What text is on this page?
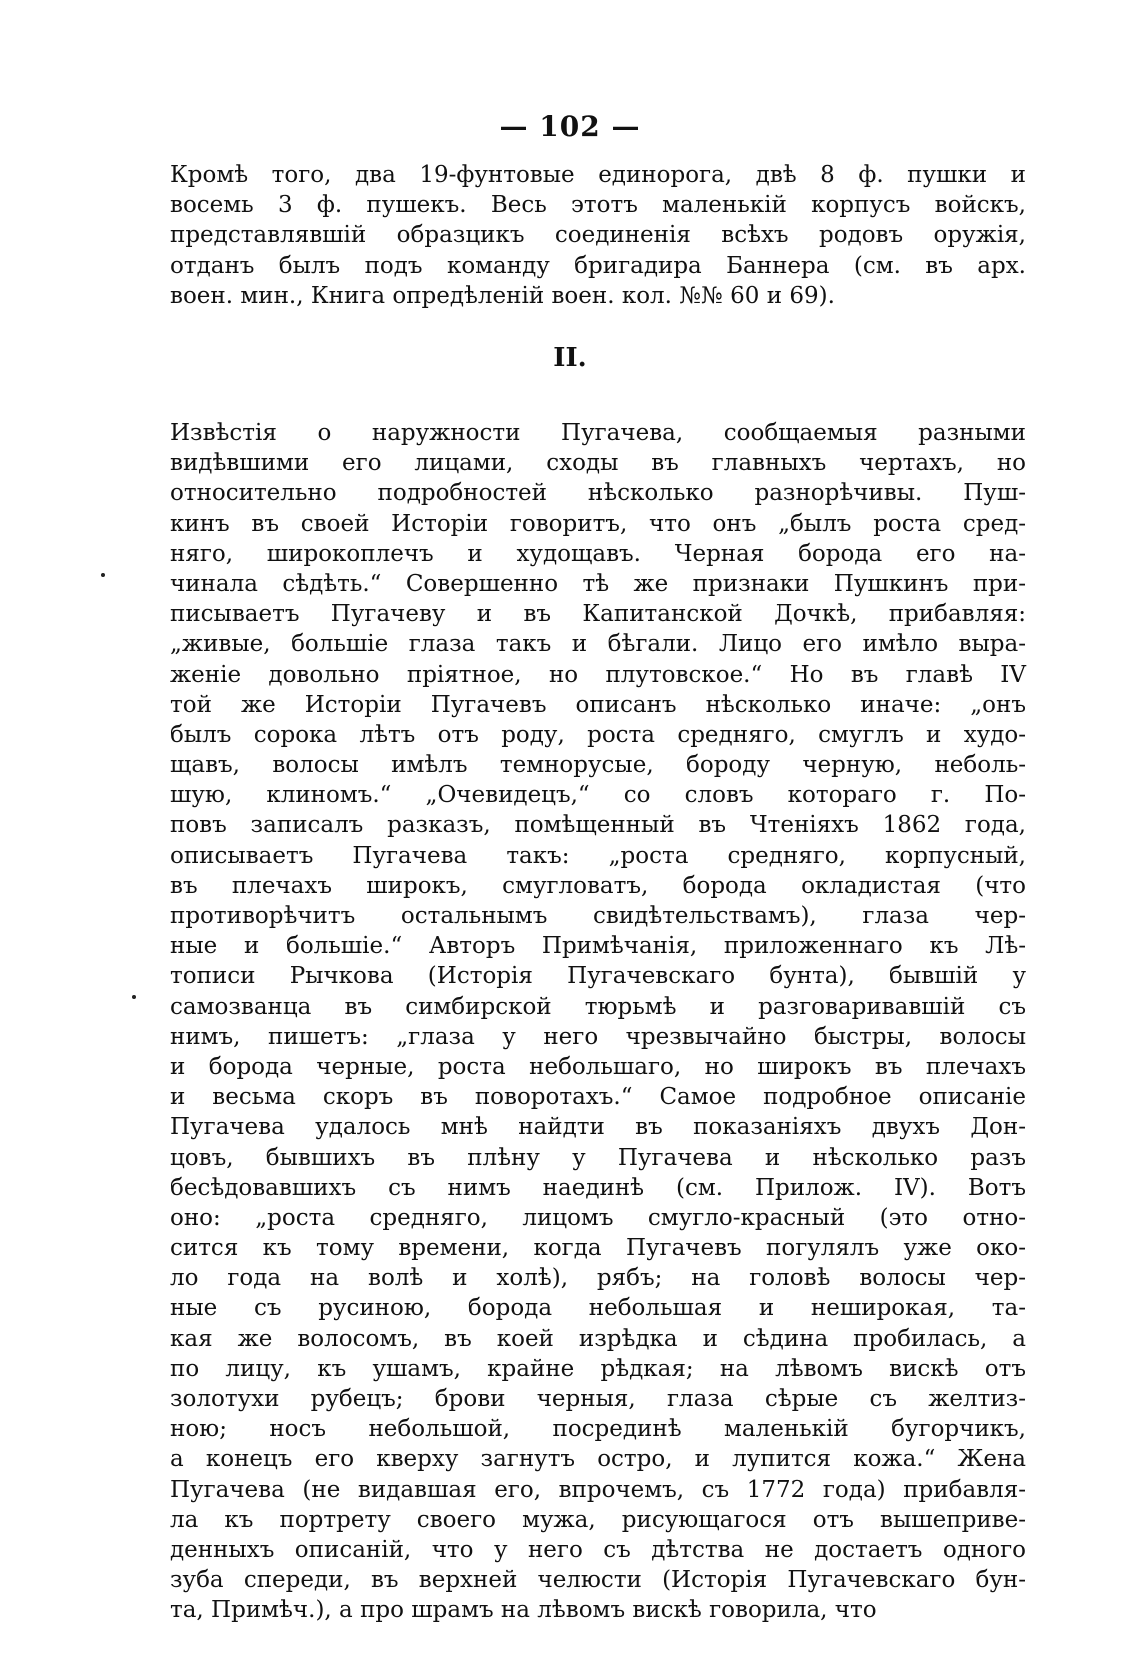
— 102 —
Кромѣ того, два 19-фунтовые единорога, двѣ 8 ф. пушки и
восемь 3 ф. пушекъ. Весь этотъ маленькій корпусъ войскъ,
представлявшій образцикъ соединенія всѣхъ родовъ оружія,
отданъ былъ подъ команду бригадира Баннера (см. въ арх.
воен. мин., Книга опредѣленій воен. кол. №№ 60 и 69).
II.
Извѣстія о наружности Пугачева, сообщаемыя разными
видѣвшими его лицами, сходы въ главныхъ чертахъ, но
относительно подробностей нѣсколько разнорѣчивы. Пуш-
кинъ въ своей Исторіи говоритъ, что онъ „былъ роста сред-
няго, широкоплечъ и худощавъ. Черная борода его на-
чинала сѣдѣть.“ Совершенно тѣ же признаки Пушкинъ при-
писываетъ Пугачеву и въ Капитанской Дочкѣ, прибавляя:
„живые, большіе глаза такъ и бѣгали. Лицо его имѣло выра-
женіе довольно пріятное, но плутовское.“ Но въ главѣ IV
той же Исторіи Пугачевъ описанъ нѣсколько иначе: „онъ
былъ сорока лѣтъ отъ роду, роста средняго, смуглъ и худо-
щавъ, волосы имѣлъ темнорусые, бороду черную, неболь-
шую, клиномъ.“ „Очевидецъ,“ со словъ котораго г. По-
повъ записалъ разказъ, помѣщенный въ Чтеніяхъ 1862 года,
описываетъ Пугачева такъ: „роста средняго, корпусный,
въ плечахъ широкъ, смугловатъ, борода окладистая (что
противорѣчитъ остальнымъ свидѣтельствамъ), глаза чер-
ные и большіе.“ Авторъ Примѣчанія, приложеннаго къ Лѣ-
тописи Рычкова (Исторія Пугачевскаго бунта), бывшій у
самозванца въ симбирской тюрьмѣ и разговаривавшій съ
нимъ, пишетъ: „глаза у него чрезвычайно быстры, волосы
и борода черные, роста небольшаго, но широкъ въ плечахъ
и весьма скоръ въ поворотахъ.“ Самое подробное описаніе
Пугачева удалось мнѣ найдти въ показаніяхъ двухъ Дон-
цовъ, бывшихъ въ плѣну у Пугачева и нѣсколько разъ
бесѣдовавшихъ съ нимъ наединѣ (см. Прилож. IV). Вотъ
оно: „роста средняго, лицомъ смугло-красный (это отно-
сится къ тому времени, когда Пугачевъ погулялъ уже око-
ло года на волѣ и холѣ), рябъ; на головѣ волосы чер-
ные съ русиною, борода небольшая и неширокая, та-
кая же волосомъ, въ коей изрѣдка и сѣдина пробилась, а
по лицу, къ ушамъ, крайне рѣдкая; на лѣвомъ вискѣ отъ
золотухи рубецъ; брови черныя, глаза сѣрые съ желтиз-
ною; носъ небольшой, посрединѣ маленькій бугорчикъ,
а конецъ его кверху загнутъ остро, и лупится кожа.“ Жена
Пугачева (не видавшая его, впрочемъ, съ 1772 года) прибавля-
ла къ портрету своего мужа, рисующагося отъ вышеприве-
денныхъ описаній, что у него съ дѣтства не достаетъ одного
зуба спереди, въ верхней челюсти (Исторія Пугачевскаго бун-
та, Примѣч.), а про шрамъ на лѣвомъ вискѣ говорила, что
